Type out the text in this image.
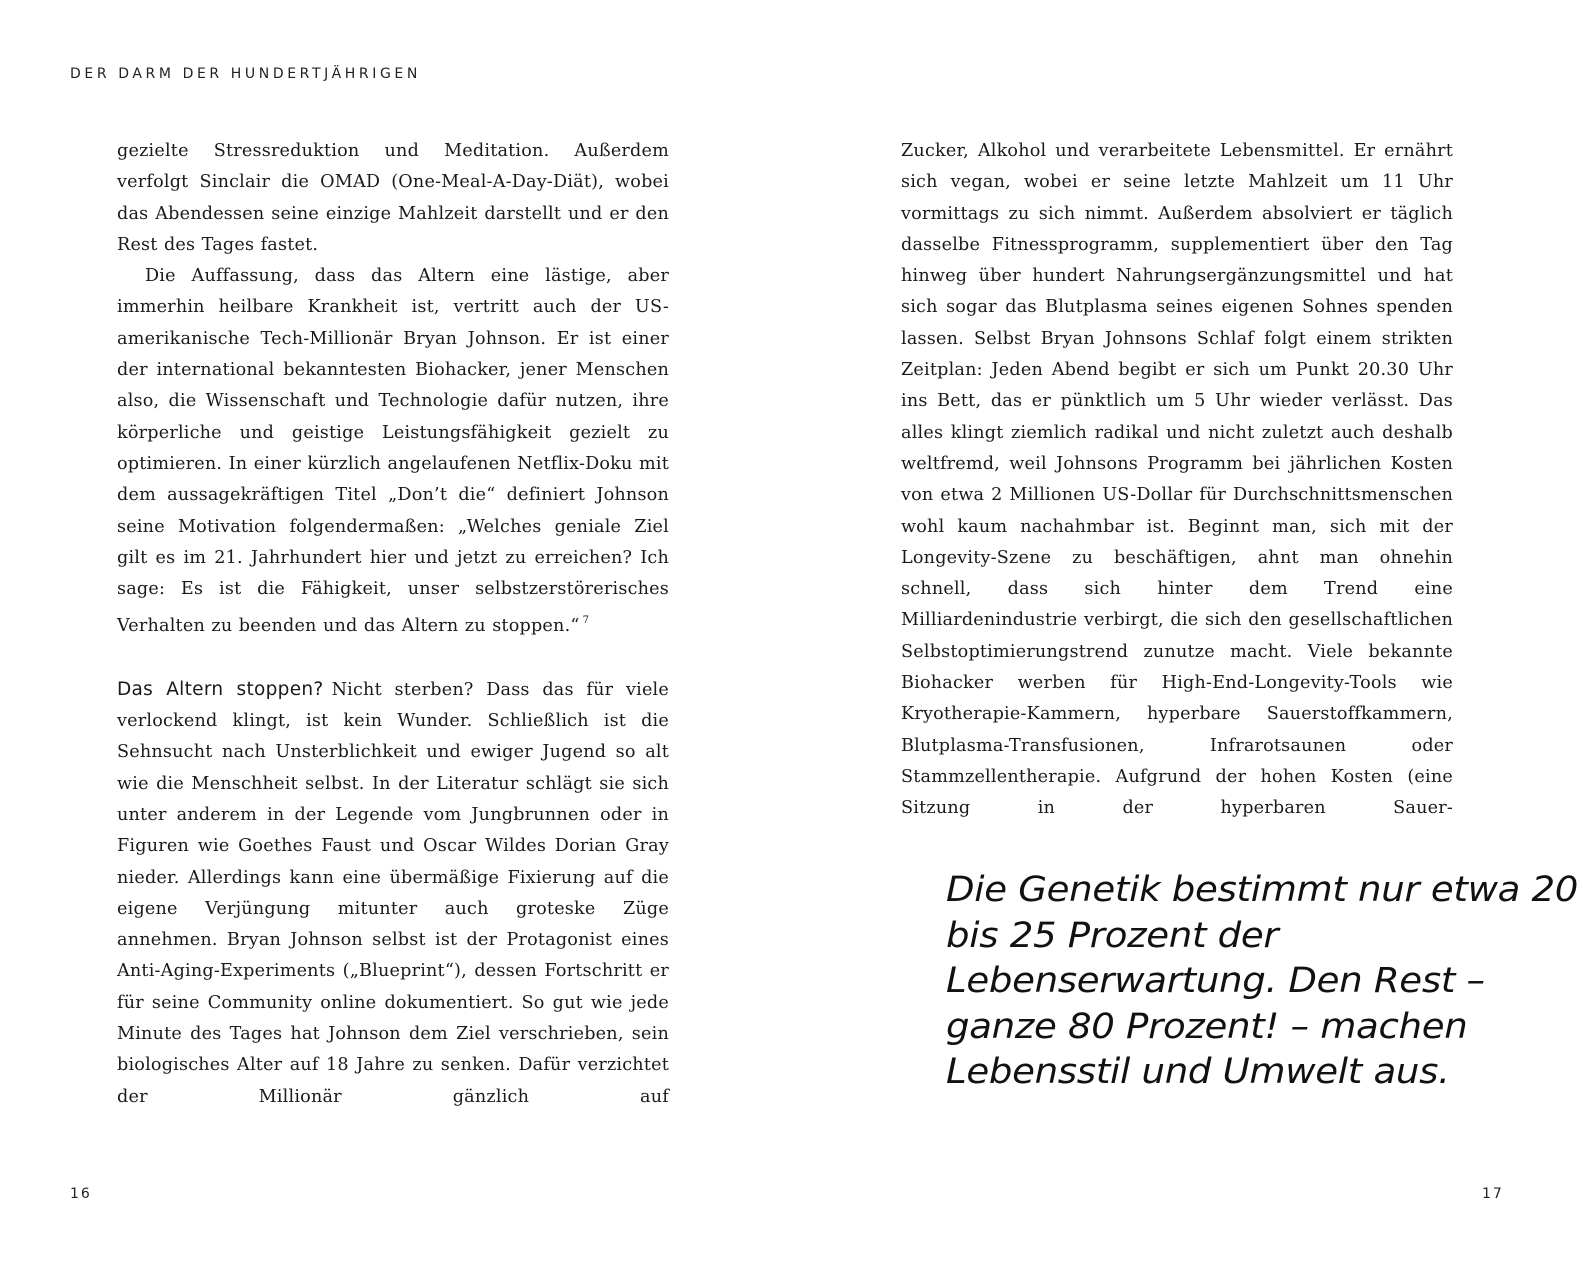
DER DARM DER HUNDERTJÄHRIGEN

gezielte Stressreduktion und Meditation. Außerdem verfolgt Sinclair die OMAD (One-Meal-A-Day-Diät), wobei das Abendessen seine einzige Mahlzeit darstellt und er den Rest des Tages fastet.

Die Auffassung, dass das Altern eine lästige, aber immerhin heilbare Krankheit ist, vertritt auch der US-amerikanische Tech-Millionär Bryan Johnson. Er ist einer der international bekanntesten Biohacker, jener Menschen also, die Wissenschaft und Technologie dafür nutzen, ihre körperliche und geistige Leistungsfähigkeit gezielt zu optimieren. In einer kürzlich angelaufenen Netflix-Doku mit dem aussagekräftigen Titel „Don’t die“ definiert Johnson seine Motivation folgendermaßen: „Welches geniale Ziel gilt es im 21. Jahrhundert hier und jetzt zu erreichen? Ich sage: Es ist die Fähigkeit, unser selbstzerstörerisches Verhalten zu beenden und das Altern zu stoppen.“ $^7$

Das Altern stoppen? Nicht sterben? Dass das für viele verlockend klingt, ist kein Wunder. Schließlich ist die Sehnsucht nach Unsterblichkeit und ewiger Jugend so alt wie die Menschheit selbst. In der Literatur schlägt sie sich unter anderem in der Legende vom Jungbrunnen oder in Figuren wie Goethes Faust und Oscar Wildes Dorian Gray nieder. Allerdings kann eine übermäßige Fixierung auf die eigene Verjüngung mitunter auch groteske Züge annehmen. Bryan Johnson selbst ist der Protagonist eines Anti-Aging-Experiments („Blueprint“), dessen Fortschritt er für seine Community online dokumentiert. So gut wie jede Minute des Tages hat Johnson dem Ziel verschrieben, sein biologisches Alter auf 18 Jahre zu senken. Dafür verzichtet der Millionär gänzlich auf

Zucker, Alkohol und verarbeitete Lebensmittel. Er ernährt sich vegan, wobei er seine letzte Mahlzeit um 11 Uhr vormittags zu sich nimmt. Außerdem absolviert er täglich dasselbe Fitnessprogramm, supplementiert über den Tag hinweg über hundert Nahrungsergänzungsmittel und hat sich sogar das Blutplasma seines eigenen Sohnes spenden lassen. Selbst Bryan Johnsons Schlaf folgt einem strikten Zeitplan: Jeden Abend begibt er sich um Punkt 20.30 Uhr ins Bett, das er pünktlich um 5 Uhr wieder verlässt. Das alles klingt ziemlich radikal und nicht zuletzt auch deshalb weltfremd, weil Johnsons Programm bei jährlichen Kosten von etwa 2 Millionen US-Dollar für Durchschnittsmenschen wohl kaum nachahmbar ist. Beginnt man, sich mit der Longevity-Szene zu beschäftigen, ahnt man ohnehin schnell, dass sich hinter dem Trend eine Milliardenindustrie verbirgt, die sich den gesellschaftlichen Selbstoptimierungstrend zunutze macht. Viele bekannte Biohacker werben für High-End-Longevity-Tools wie Kryotherapie-Kammern, hyperbare Sauerstoffkammern, Blutplasma-Transfusionen, Infrarotsaunen oder Stammzellentherapie. Aufgrund der hohen Kosten (eine Sitzung in der hyperbaren Sauer-

Die Genetik bestimmt nur etwa 20 bis 25 Prozent der Lebenserwartung. Den Rest – ganze 80 Prozent! – machen Lebensstil und Umwelt aus.
16	17
